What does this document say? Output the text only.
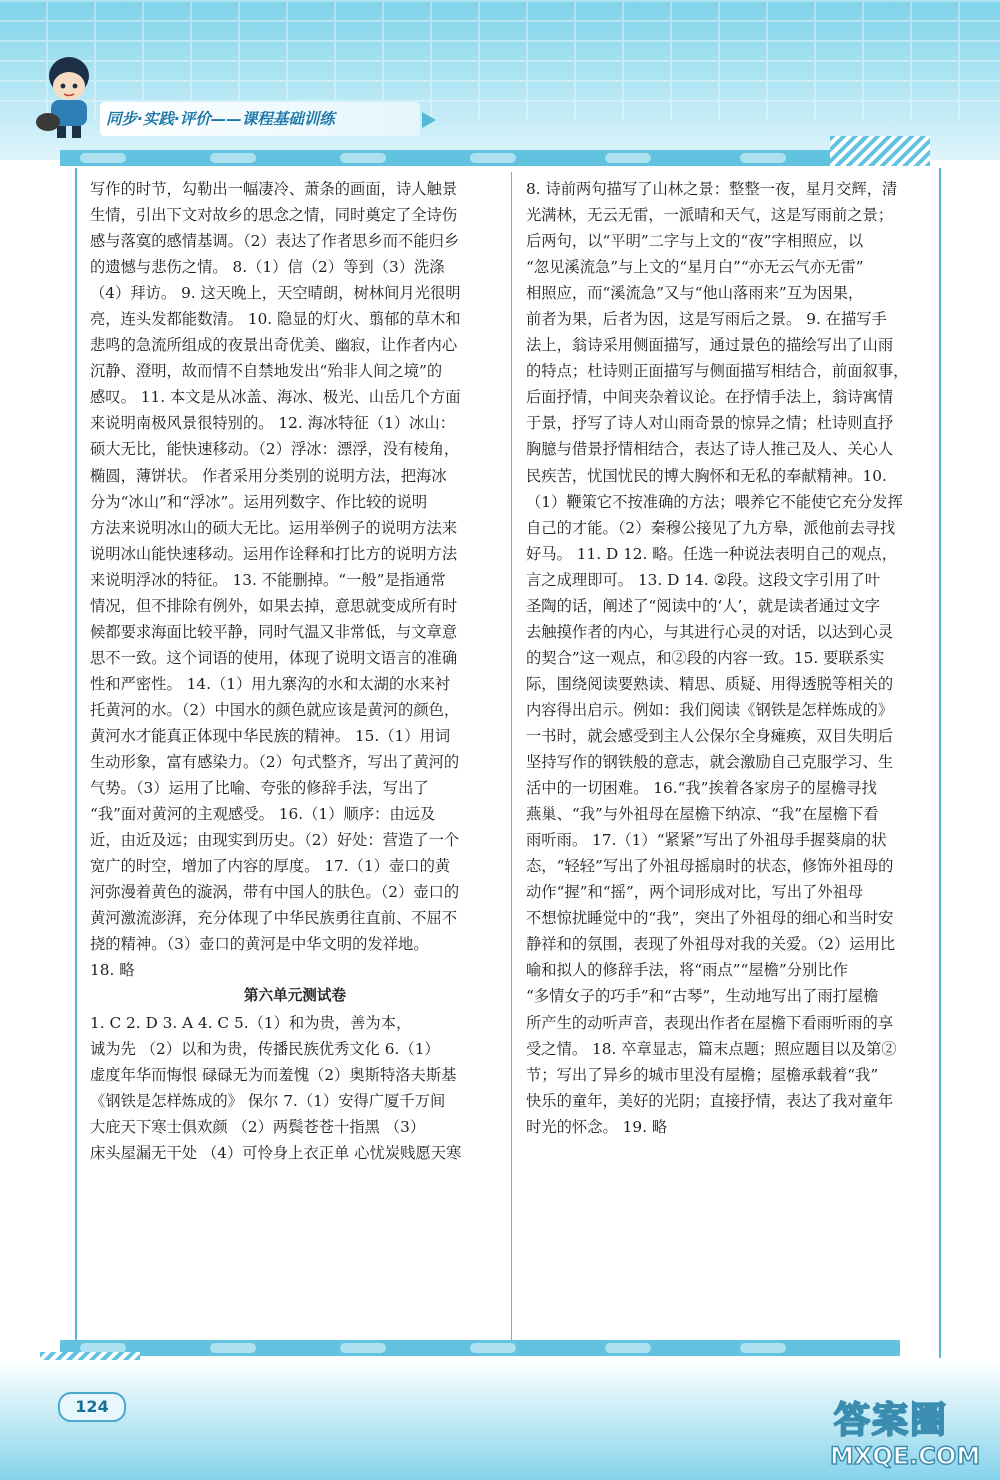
同步·实践·评价——课程基础训练
写作的时节，勾勒出一幅凄冷、萧条的画面，诗人触景
生情，引出下文对故乡的思念之情，同时奠定了全诗伤
感与落寞的感情基调。（2）表达了作者思乡而不能归乡
的遗憾与悲伤之情。 8.（1）信（2）等到（3）洗涤
（4）拜访。 9. 这天晚上，天空晴朗，树林间月光很明
亮，连头发都能数清。 10. 隐显的灯火、翦郁的草木和
悲鸣的急流所组成的夜景出奇优美、幽寂，让作者内心
沉静、澄明，故而情不自禁地发出“殆非人间之境”的
感叹。 11. 本文是从冰盖、海冰、极光、山岳几个方面
来说明南极风景很特别的。 12. 海冰特征（1）冰山：
硕大无比，能快速移动。（2）浮冰：漂浮，没有棱角，
椭圆，薄饼状。 作者采用分类别的说明方法，把海冰
分为“冰山”和“浮冰”。运用列数字、作比较的说明
方法来说明冰山的硕大无比。运用举例子的说明方法来
说明冰山能快速移动。运用作诠释和打比方的说明方法
来说明浮冰的特征。 13. 不能删掉。“一般”是指通常
情况，但不排除有例外，如果去掉，意思就变成所有时
候都要求海面比较平静，同时气温又非常低，与文章意
思不一致。这个词语的使用，体现了说明文语言的准确
性和严密性。 14.（1）用九寨沟的水和太湖的水来衬
托黄河的水。（2）中国水的颜色就应该是黄河的颜色，
黄河水才能真正体现中华民族的精神。 15.（1）用词
生动形象，富有感染力。（2）句式整齐，写出了黄河的
气势。（3）运用了比喻、夸张的修辞手法，写出了
“我”面对黄河的主观感受。 16.（1）顺序：由远及
近，由近及远；由现实到历史。（2）好处：营造了一个
宽广的时空，增加了内容的厚度。 17.（1）壶口的黄
河弥漫着黄色的漩涡，带有中国人的肤色。（2）壶口的
黄河激流澎湃，充分体现了中华民族勇往直前、不屈不
挠的精神。（3）壶口的黄河是中华文明的发祥地。
18. 略
第六单元测试卷
1. C 2. D 3. A 4. C 5.（1）和为贵，善为本，
诚为先 （2）以和为贵，传播民族优秀文化 6.（1）
虚度年华而悔恨 碌碌无为而羞愧（2）奥斯特洛夫斯基
《钢铁是怎样炼成的》 保尔 7.（1）安得广厦千万间
大庇天下寒士俱欢颜 （2）两鬓苍苍十指黑 （3）
床头屋漏无干处 （4）可怜身上衣正单 心忧炭贱愿天寒
8. 诗前两句描写了山林之景：整整一夜，星月交辉，清
光满林，无云无雷，一派晴和天气，这是写雨前之景；
后两句，以“平明”二字与上文的“夜”字相照应，以
“忽见溪流急”与上文的“星月白”“亦无云气亦无雷”
相照应，而“溪流急”又与“他山落雨来”互为因果，
前者为果，后者为因，这是写雨后之景。 9. 在描写手
法上，翁诗采用侧面描写，通过景色的描绘写出了山雨
的特点；杜诗则正面描写与侧面描写相结合，前面叙事，
后面抒情，中间夹杂着议论。在抒情手法上，翁诗寓情
于景，抒写了诗人对山雨奇景的惊异之情；杜诗则直抒
胸臆与借景抒情相结合，表达了诗人推己及人、关心人
民疾苦，忧国忧民的博大胸怀和无私的奉献精神。10.
（1）鞭策它不按准确的方法；喂养它不能使它充分发挥
自己的才能。（2）秦穆公接见了九方皋，派他前去寻找
好马。 11. D 12. 略。任选一种说法表明自己的观点，
言之成理即可。 13. D 14. ②段。这段文字引用了叶
圣陶的话，阐述了“阅读中的‘人’，就是读者通过文字
去触摸作者的内心，与其进行心灵的对话，以达到心灵
的契合”这一观点，和②段的内容一致。15. 要联系实
际，围绕阅读要熟读、精思、质疑、用得透脱等相关的
内容得出启示。例如：我们阅读《钢铁是怎样炼成的》
一书时，就会感受到主人公保尔全身瘫痪，双目失明后
坚持写作的钢铁般的意志，就会激励自己克服学习、生
活中的一切困难。 16.“我”挨着各家房子的屋檐寻找
燕巢、“我”与外祖母在屋檐下纳凉、“我”在屋檐下看
雨听雨。 17.（1）“紧紧”写出了外祖母手握葵扇的状
态，“轻轻”写出了外祖母摇扇时的状态，修饰外祖母的
动作“握”和“摇”，两个词形成对比，写出了外祖母
不想惊扰睡觉中的“我”，突出了外祖母的细心和当时安
静祥和的氛围，表现了外祖母对我的关爱。（2）运用比
喻和拟人的修辞手法，将“雨点”“屋檐”分别比作
“多情女子的巧手”和“古琴”，生动地写出了雨打屋檐
所产生的动听声音，表现出作者在屋檐下看雨听雨的享
受之情。 18. 卒章显志，篇末点题；照应题目以及第②
节；写出了异乡的城市里没有屋檐；屋檐承载着“我”
快乐的童年，美好的光阴；直接抒情，表达了我对童年
时光的怀念。 19. 略
124	答案圈
MXQE.COM
